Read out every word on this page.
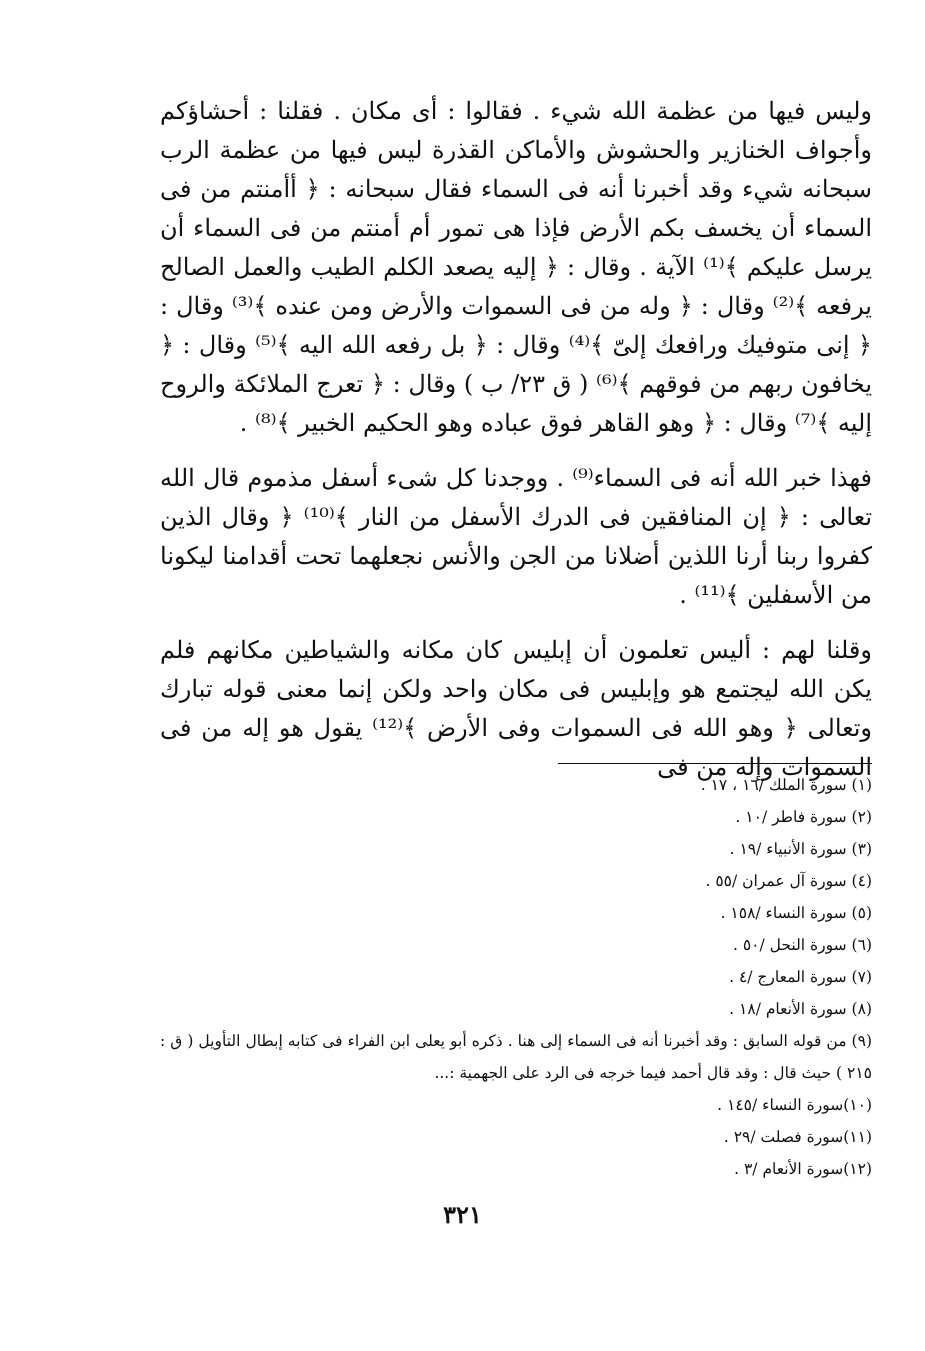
وليس فيها من عظمة الله شيء . فقالوا : أى مكان . فقلنا : أحشاؤكم وأجواف الخنازير والحشوش والأماكن القذرة ليس فيها من عظمة الرب سبحانه شيء وقد أخبرنا أنه فى السماء فقال سبحانه : ﴿ أأمنتم من فى السماء أن يخسف بكم الأرض فإذا هى تمور أم أمنتم من فى السماء أن يرسل عليكم ﴾⁽¹⁾ الآية . وقال : ﴿ إليه يصعد الكلم الطيب والعمل الصالح يرفعه ﴾⁽²⁾ وقال : ﴿ وله من فى السموات والأرض ومن عنده ﴾⁽³⁾ وقال : ﴿ إنى متوفيك ورافعك إلىّ ﴾⁽⁴⁾ وقال : ﴿ بل رفعه الله اليه ﴾⁽⁵⁾ وقال : ﴿ يخافون ربهم من فوقهم ﴾⁽⁶⁾ ( ق ٢٣/ ب ) وقال : ﴿ تعرج الملائكة والروح إليه ﴾⁽⁷⁾ وقال : ﴿ وهو القاهر فوق عباده وهو الحكيم الخبير ﴾⁽⁸⁾ .

فهذا خبر الله أنه فى السماء⁽⁹⁾ . ووجدنا كل شىء أسفل مذموم قال الله تعالى : ﴿ إن المنافقين فى الدرك الأسفل من النار ﴾⁽¹⁰⁾ ﴿ وقال الذين كفروا ربنا أرنا اللذين أضلانا من الجن والأنس نجعلهما تحت أقدامنا ليكونا من الأسفلين ﴾⁽¹¹⁾ .

وقلنا لهم : أليس تعلمون أن إبليس كان مكانه والشياطين مكانهم فلم يكن الله ليجتمع هو وإبليس فى مكان واحد ولكن إنما معنى قوله تبارك وتعالى ﴿ وهو الله فى السموات وفى الأرض ﴾⁽¹²⁾ يقول هو إله من فى السموات وإله من فى

(١) سورة الملك /١٦ ، ١٧ .

(٢) سورة فاطر /١٠ .

(٣) سورة الأنبياء /١٩ .

(٤) سورة آل عمران /٥٥ .

(٥) سورة النساء /١٥٨ .

(٦) سورة النحل /٥٠ .

(٧) سورة المعارج /٤ .

(٨) سورة الأنعام /١٨ .

(٩) من قوله السابق : وقد أخبرنا أنه فى السماء إلى هنا . ذكره أبو يعلى ابن الفراء فى كتابه إبطال التأويل ( ق : ٢١٥ ) حيث قال : وقد قال أحمد فيما خرجه فى الرد على الجهمية :...

(١٠)سورة النساء /١٤٥ .

(١١)سورة فصلت /٢٩ .

(١٢)سورة الأنعام /٣ .

٣٢١
